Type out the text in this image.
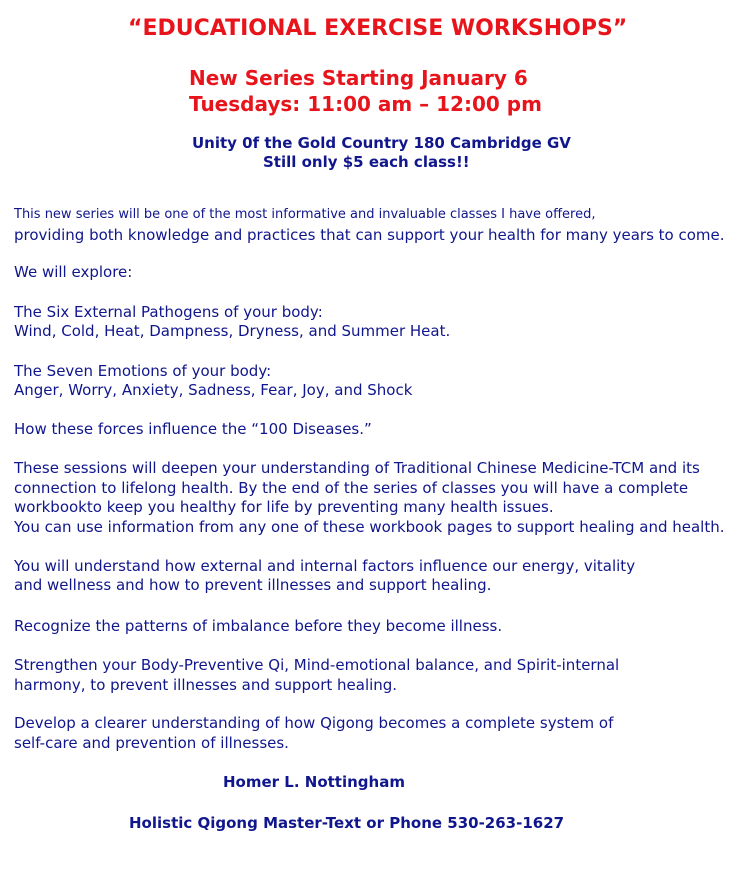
“EDUCATIONAL EXERCISE WORKSHOPS”
New Series Starting January 6
Tuesdays: 11:00 am – 12:00 pm
Unity 0f the Gold Country 180 Cambridge GV
Still only $5 each class!!
This new series will be one of the most informative and invaluable classes I have offered,
providing both knowledge and practices that can support your health for many years to come.
We will explore:
The Six External Pathogens of your body:
Wind, Cold, Heat, Dampness, Dryness, and Summer Heat.
The Seven Emotions of your body:
Anger, Worry, Anxiety, Sadness, Fear, Joy, and Shock
How these forces influence the “100 Diseases.”
These sessions will deepen your understanding of Traditional Chinese Medicine-TCM and its
connection to lifelong health. By the end of the series of classes you will have a complete
workbookto keep you healthy for life by preventing many health issues.
You can use information from any one of these workbook pages to support healing and health.
You will understand how external and internal factors influence our energy, vitality
and wellness and how to prevent illnesses and support healing.
Recognize the patterns of imbalance before they become illness.
Strengthen your Body-Preventive Qi, Mind-emotional balance, and Spirit-internal
harmony, to prevent illnesses and support healing.
Develop a clearer understanding of how Qigong becomes a complete system of
self-care and prevention of illnesses.
Homer L. Nottingham
Holistic Qigong Master-Text or Phone 530-263-1627
